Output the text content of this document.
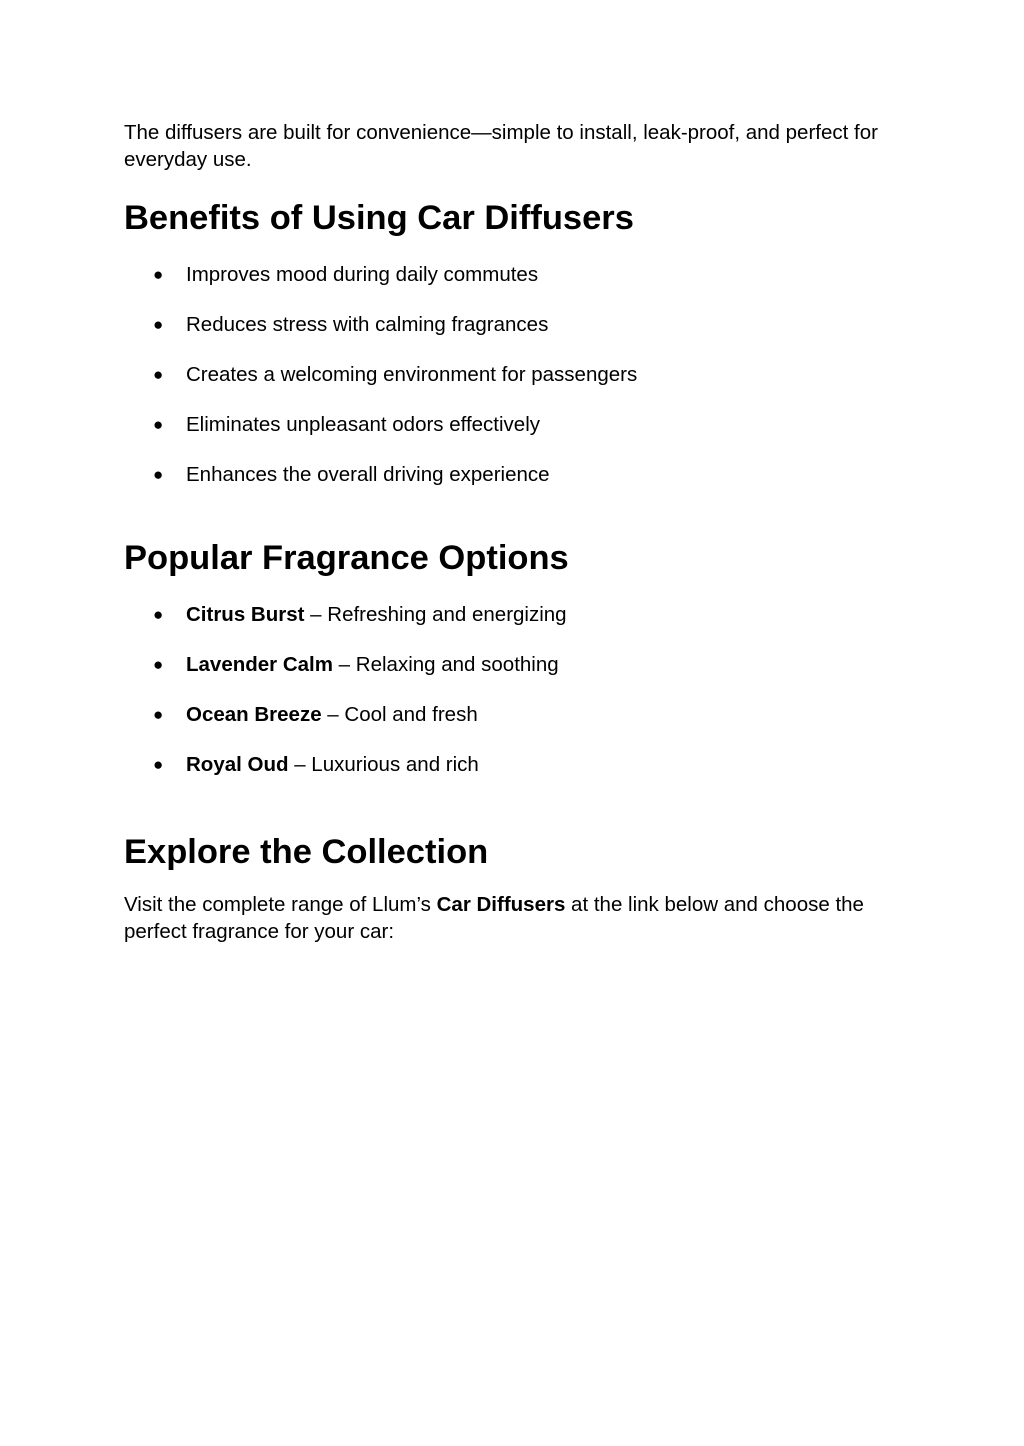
The diffusers are built for convenience—simple to install, leak-proof, and perfect for everyday use.

Benefits of Using Car Diffusers
● Improves mood during daily commutes
● Reduces stress with calming fragrances
● Creates a welcoming environment for passengers
● Eliminates unpleasant odors effectively
● Enhances the overall driving experience
Popular Fragrance Options
● Citrus Burst – Refreshing and energizing
● Lavender Calm – Relaxing and soothing
● Ocean Breeze – Cool and fresh
● Royal Oud – Luxurious and rich
Explore the Collection

Visit the complete range of Llum’s Car Diffusers at the link below and choose the perfect fragrance for your car:
